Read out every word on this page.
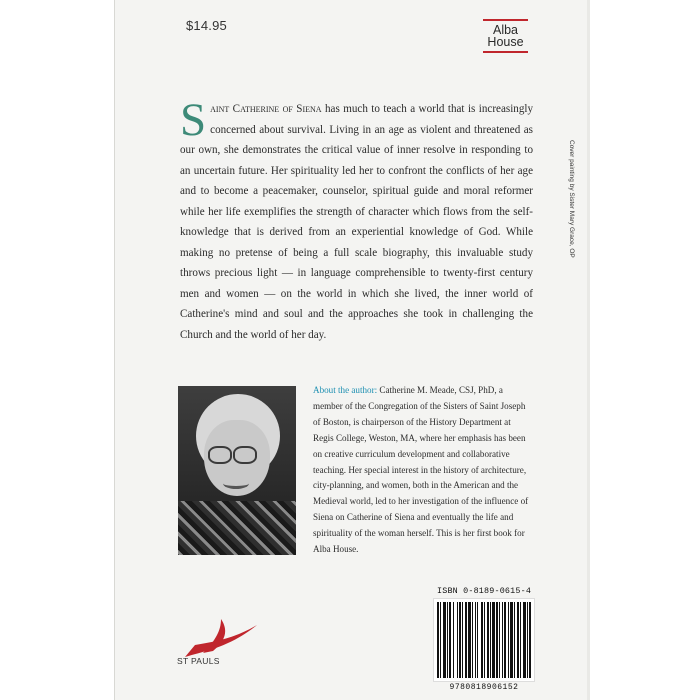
$14.95	Alba
House
Cover painting by Sister Mary Grace, OP

Saint Catherine of Siena has much to teach a world that is increasingly concerned about survival. Living in an age as violent and threatened as our own, she demonstrates the critical value of inner resolve in responding to an uncertain future. Her spirituality led her to confront the conflicts of her age and to become a peacemaker, counselor, spiritual guide and moral reformer while her life exemplifies the strength of character which flows from the self-knowledge that is derived from an experiential knowledge of God. While making no pretense of being a full scale biography, this invaluable study throws precious light — in language comprehensible to twenty-first century men and women — on the world in which she lived, the inner world of Catherine's mind and soul and the approaches she took in challenging the Church and the world of her day.

About the author: Catherine M. Meade, CSJ, PhD, a member of the Congregation of the Sisters of Saint Joseph of Boston, is chairperson of the History Department at Regis College, Weston, MA, where her emphasis has been on creative curriculum development and collaborative teaching. Her special interest in the history of architecture, city-planning, and women, both in the American and the Medieval world, led to her investigation of the influence of Siena on Catherine of Siena and eventually the life and spirituality of the woman herself. This is her first book for Alba House.

ISBN 0-8189-0615-4
9780818906152
ST PAULS
